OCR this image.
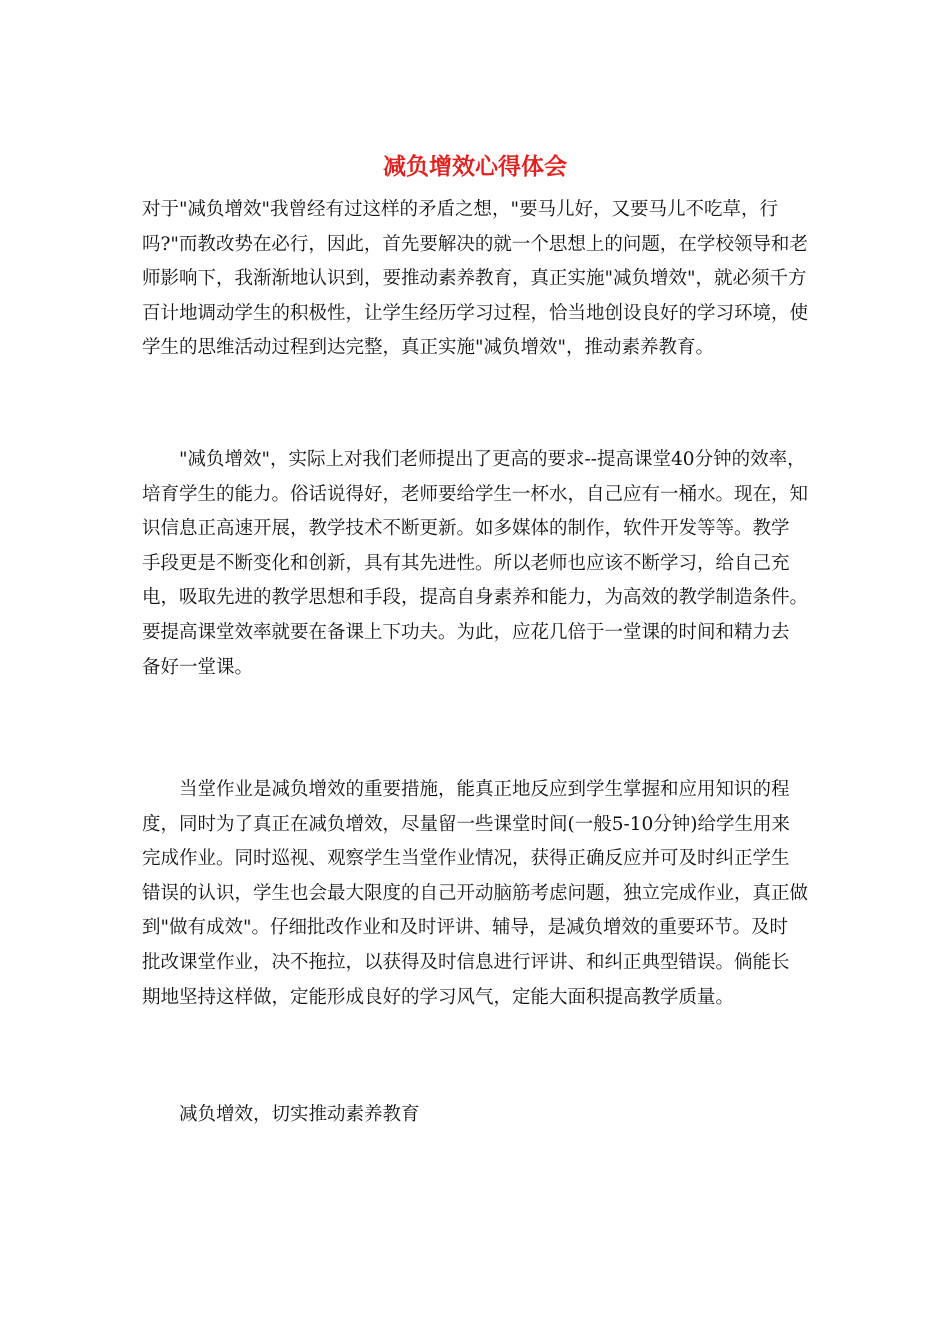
减负增效心得体会

对于"减负增效"我曾经有过这样的矛盾之想，"要马儿好，又要马儿不吃草，行
吗?"而教改势在必行，因此，首先要解决的就一个思想上的问题，在学校领导和老
师影响下，我渐渐地认识到，要推动素养教育，真正实施"减负增效"，就必须千方
百计地调动学生的积极性，让学生经历学习过程，恰当地创设良好的学习环境，使
学生的思维活动过程到达完整，真正实施"减负增效"，推动素养教育。

"减负增效"，实际上对我们老师提出了更高的要求--提高课堂40分钟的效率，
培育学生的能力。俗话说得好，老师要给学生一杯水，自己应有一桶水。现在，知
识信息正高速开展，教学技术不断更新。如多媒体的制作，软件开发等等。教学
手段更是不断变化和创新，具有其先进性。所以老师也应该不断学习，给自己充
电，吸取先进的教学思想和手段，提高自身素养和能力，为高效的教学制造条件。
要提高课堂效率就要在备课上下功夫。为此，应花几倍于一堂课的时间和精力去
备好一堂课。

当堂作业是减负增效的重要措施，能真正地反应到学生掌握和应用知识的程
度，同时为了真正在减负增效，尽量留一些课堂时间(一般5-10分钟)给学生用来
完成作业。同时巡视、观察学生当堂作业情况，获得正确反应并可及时纠正学生
错误的认识，学生也会最大限度的自己开动脑筋考虑问题，独立完成作业，真正做
到"做有成效"。仔细批改作业和及时评讲、辅导，是减负增效的重要环节。及时
批改课堂作业，决不拖拉，以获得及时信息进行评讲、和纠正典型错误。倘能长
期地坚持这样做，定能形成良好的学习风气，定能大面积提高教学质量。

减负增效，切实推动素养教育
